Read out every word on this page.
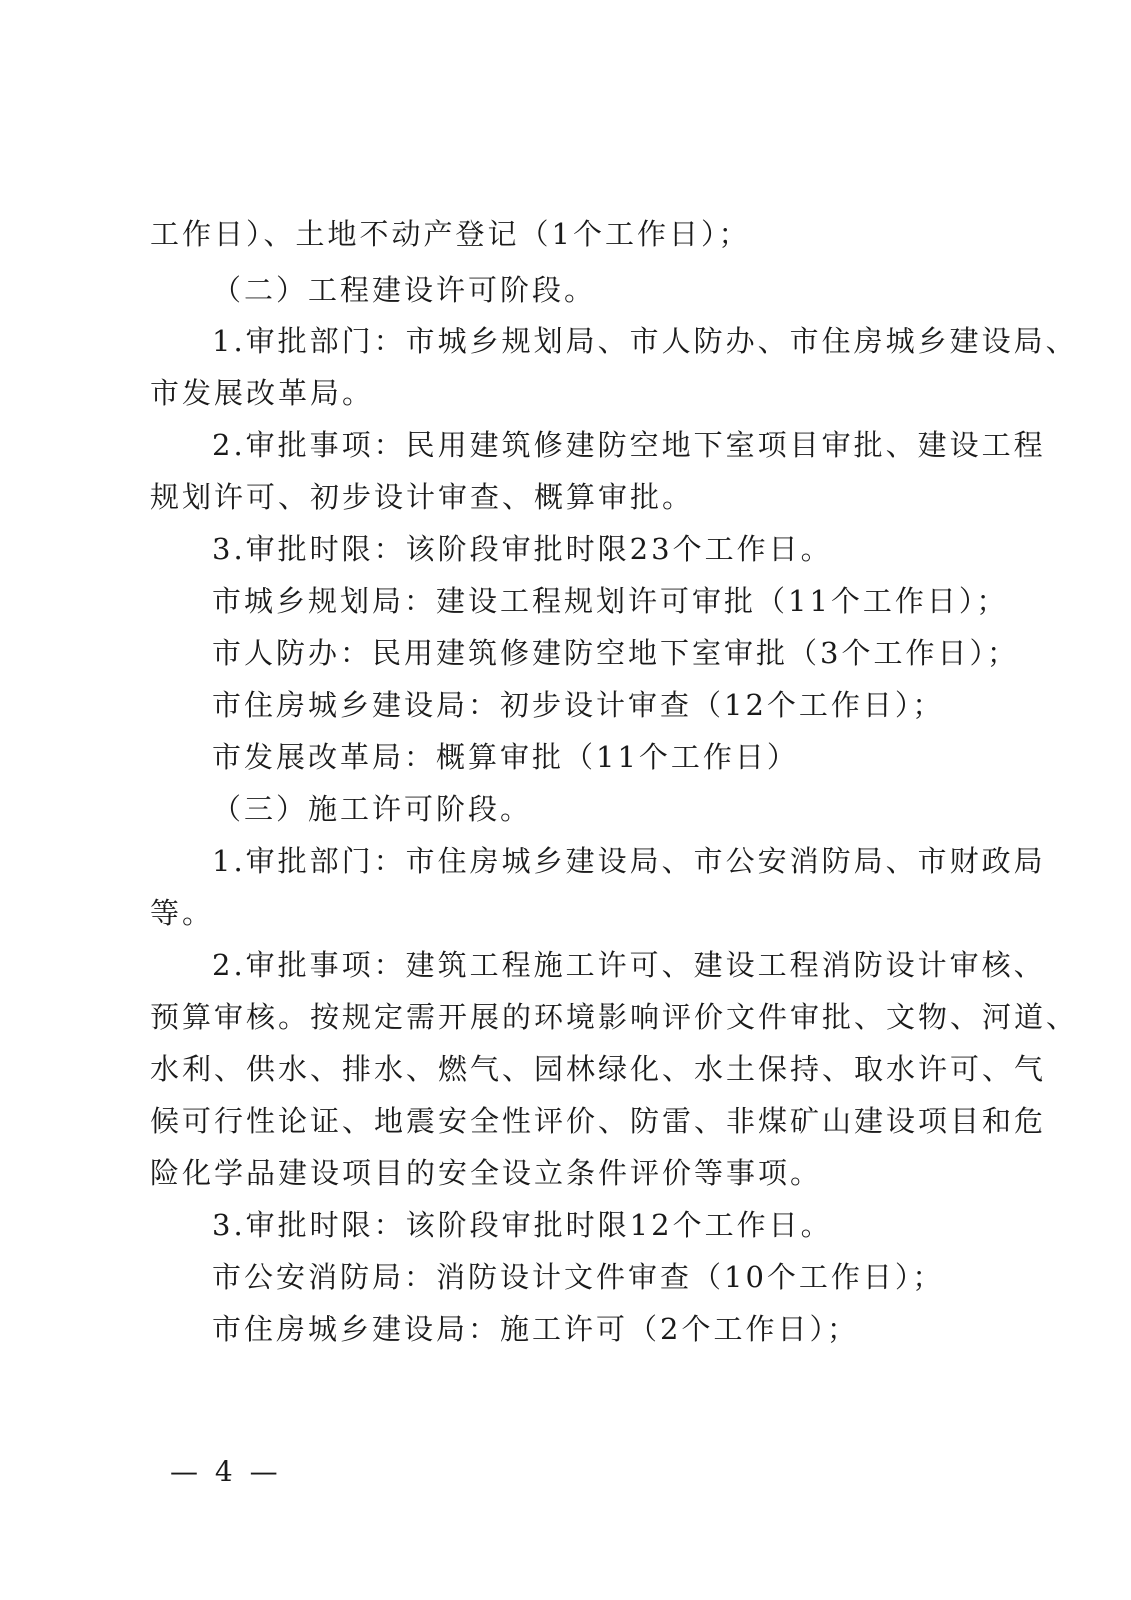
工作日）、土地不动产登记（1个工作日）；
（二）工程建设许可阶段。
1.审批部门：市城乡规划局、市人防办、市住房城乡建设局、
市发展改革局。
2.审批事项：民用建筑修建防空地下室项目审批、建设工程
规划许可、初步设计审查、概算审批。
3.审批时限：该阶段审批时限23个工作日。
市城乡规划局：建设工程规划许可审批（11个工作日）；
市人防办：民用建筑修建防空地下室审批（3个工作日）；
市住房城乡建设局：初步设计审查（12个工作日）；
市发展改革局：概算审批（11个工作日）
（三）施工许可阶段。
1.审批部门：市住房城乡建设局、市公安消防局、市财政局
等。
2.审批事项：建筑工程施工许可、建设工程消防设计审核、
预算审核。按规定需开展的环境影响评价文件审批、文物、河道、
水利、供水、排水、燃气、园林绿化、水土保持、取水许可、气
候可行性论证、地震安全性评价、防雷、非煤矿山建设项目和危
险化学品建设项目的安全设立条件评价等事项。
3.审批时限：该阶段审批时限12个工作日。
市公安消防局：消防设计文件审查（10个工作日）；
市住房城乡建设局：施工许可（2个工作日）；
— 4 —
